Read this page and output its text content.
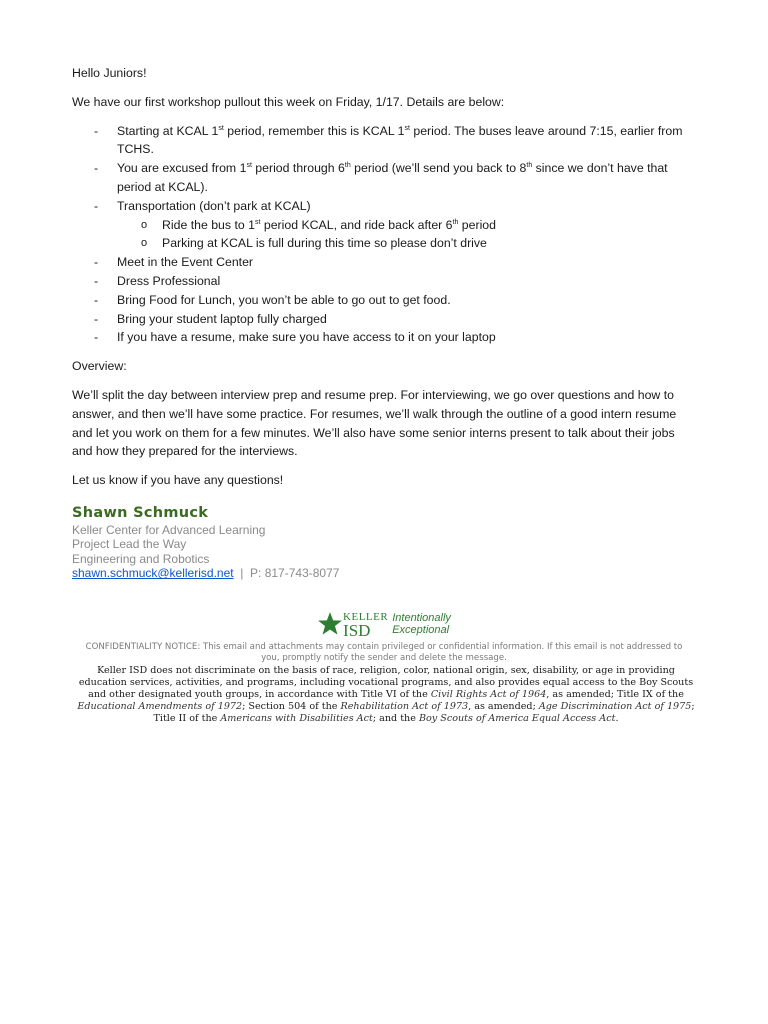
Hello Juniors!

We have our first workshop pullout this week on Friday, 1/17. Details are below:

- Starting at KCAL 1st period, remember this is KCAL 1st period. The buses leave around 7:15, earlier from TCHS.
- You are excused from 1st period through 6th period (we’ll send you back to 8th since we don’t have that period at KCAL).
- Transportation (don’t park at KCAL)
o Ride the bus to 1st period KCAL, and ride back after 6th period
o Parking at KCAL is full during this time so please don’t drive
- Meet in the Event Center
- Dress Professional
- Bring Food for Lunch, you won’t be able to go out to get food.
- Bring your student laptop fully charged
- If you have a resume, make sure you have access to it on your laptop

Overview:

We’ll split the day between interview prep and resume prep. For interviewing, we go over questions and how to answer, and then we’ll have some practice. For resumes, we’ll walk through the outline of a good intern resume and let you work on them for a few minutes. We’ll also have some senior interns present to talk about their jobs and how they prepared for the interviews.

Let us know if you have any questions!

Shawn Schmuck
Keller Center for Advanced Learning
Project Lead the Way
Engineering and Robotics
shawn.schmuck@kellerisd.net  |  P: 817-743-8077
KELLER
ISD
Intentionally
Exceptional
CONFIDENTIALITY NOTICE: This email and attachments may contain privileged or confidential information. If this email is not addressed to you, promptly notify the sender and delete the message.
Keller ISD does not discriminate on the basis of race, religion, color, national origin, sex, disability, or age in providing education services, activities, and programs, including vocational programs, and also provides equal access to the Boy Scouts and other designated youth groups, in accordance with Title VI of the Civil Rights Act of 1964, as amended; Title IX of the Educational Amendments of 1972; Section 504 of the Rehabilitation Act of 1973, as amended; Age Discrimination Act of 1975; Title II of the Americans with Disabilities Act; and the Boy Scouts of America Equal Access Act.
